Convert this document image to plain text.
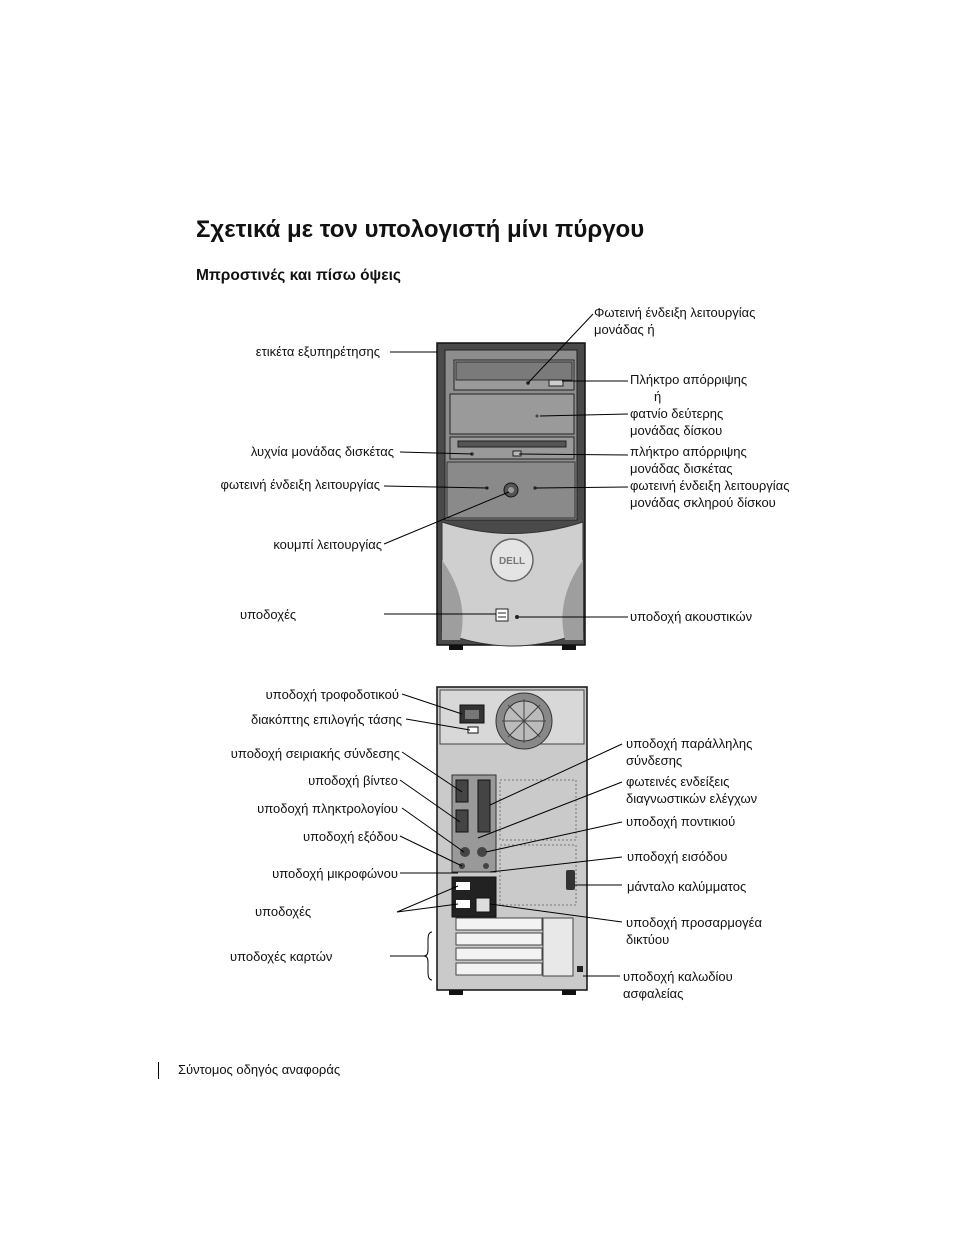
Σχετικά με τον υπολογιστή μίνι πύργου
Μπροστινές και πίσω όψεις
DELL
ετικέτα εξυπηρέτησης
λυχνία μονάδας δισκέτας
φωτεινή ένδειξη λειτουργίας
κουμπί λειτουργίας
υποδοχές
Φωτεινή ένδειξη λειτουργίας
μονάδας ή
Πλήκτρο απόρριψης
ή
φατνίο δεύτερης
μονάδας δίσκου
πλήκτρο απόρριψης
μονάδας δισκέτας
φωτεινή ένδειξη λειτουργίας
μονάδας σκληρού δίσκου
υποδοχή ακουστικών
υποδοχή τροφοδοτικού
διακόπτης επιλογής τάσης
υποδοχή σειριακής σύνδεσης
υποδοχή βίντεο
υποδοχή πληκτρολογίου
υποδοχή εξόδου
υποδοχή μικροφώνου
υποδοχές
υποδοχές καρτών
υποδοχή παράλληλης
σύνδεσης
φωτεινές ενδείξεις
διαγνωστικών ελέγχων
υποδοχή ποντικιού
υποδοχή εισόδου
μάνταλο καλύμματος
υποδοχή προσαρμογέα
δικτύου
υποδοχή καλωδίου
ασφαλείας
Σύντομος οδηγός αναφοράς
